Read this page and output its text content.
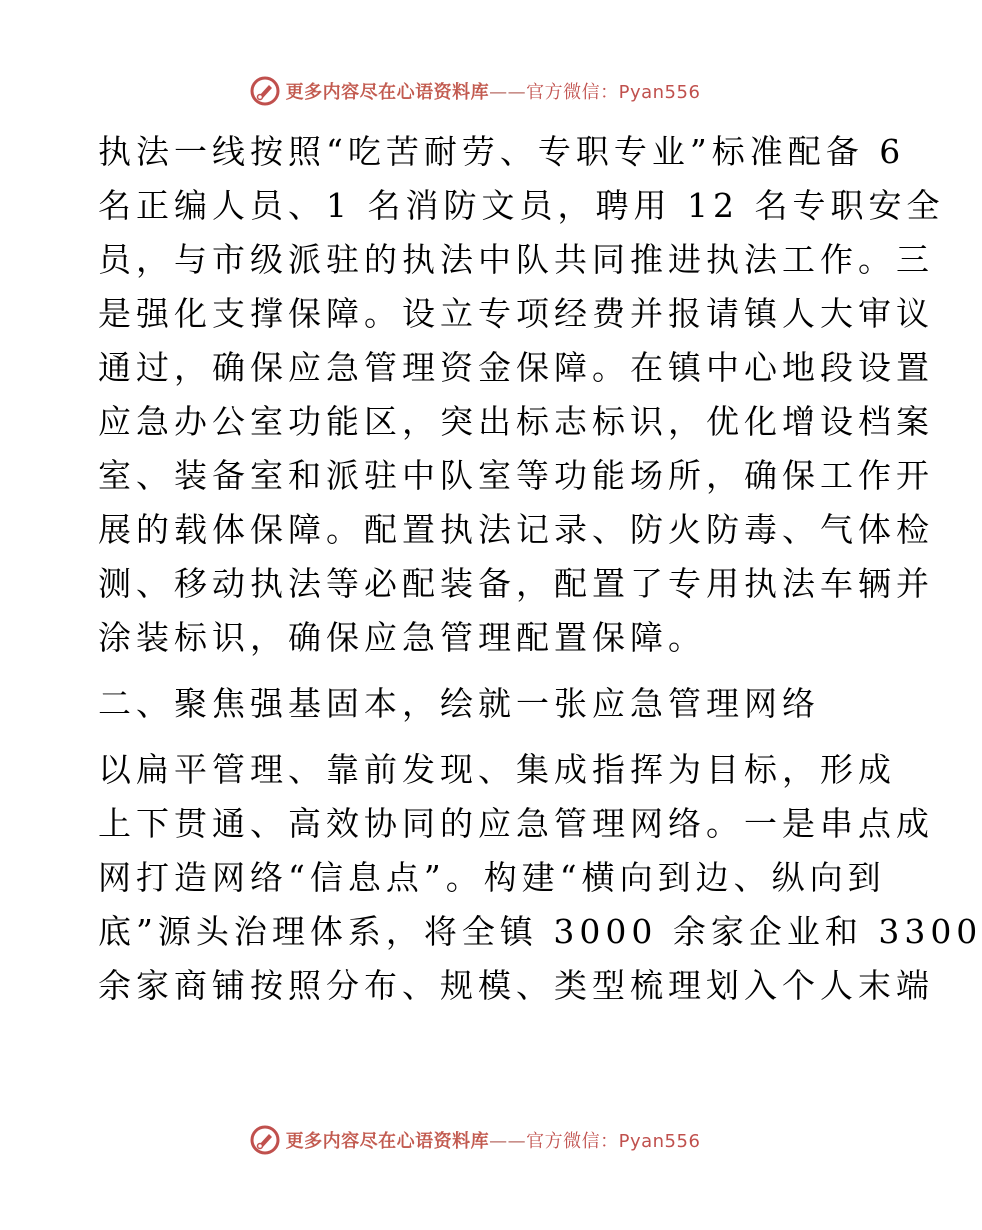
更多内容尽在心语资料库——官方微信：Pyan556
执法一线按照“吃苦耐劳、专职专业”标准配备 6
名正编人员、1 名消防文员，聘用 12 名专职安全
员，与市级派驻的执法中队共同推进执法工作。三
是强化支撑保障。设立专项经费并报请镇人大审议
通过，确保应急管理资金保障。在镇中心地段设置
应急办公室功能区，突出标志标识，优化增设档案
室、装备室和派驻中队室等功能场所，确保工作开
展的载体保障。配置执法记录、防火防毒、气体检
测、移动执法等必配装备，配置了专用执法车辆并
涂装标识，确保应急管理配置保障。
二、聚焦强基固本，绘就一张应急管理网络
以扁平管理、靠前发现、集成指挥为目标，形成
上下贯通、高效协同的应急管理网络。一是串点成
网打造网络“信息点”。构建“横向到边、纵向到
底”源头治理体系，将全镇 3000 余家企业和 3300
余家商铺按照分布、规模、类型梳理划入个人末端
更多内容尽在心语资料库——官方微信：Pyan556
